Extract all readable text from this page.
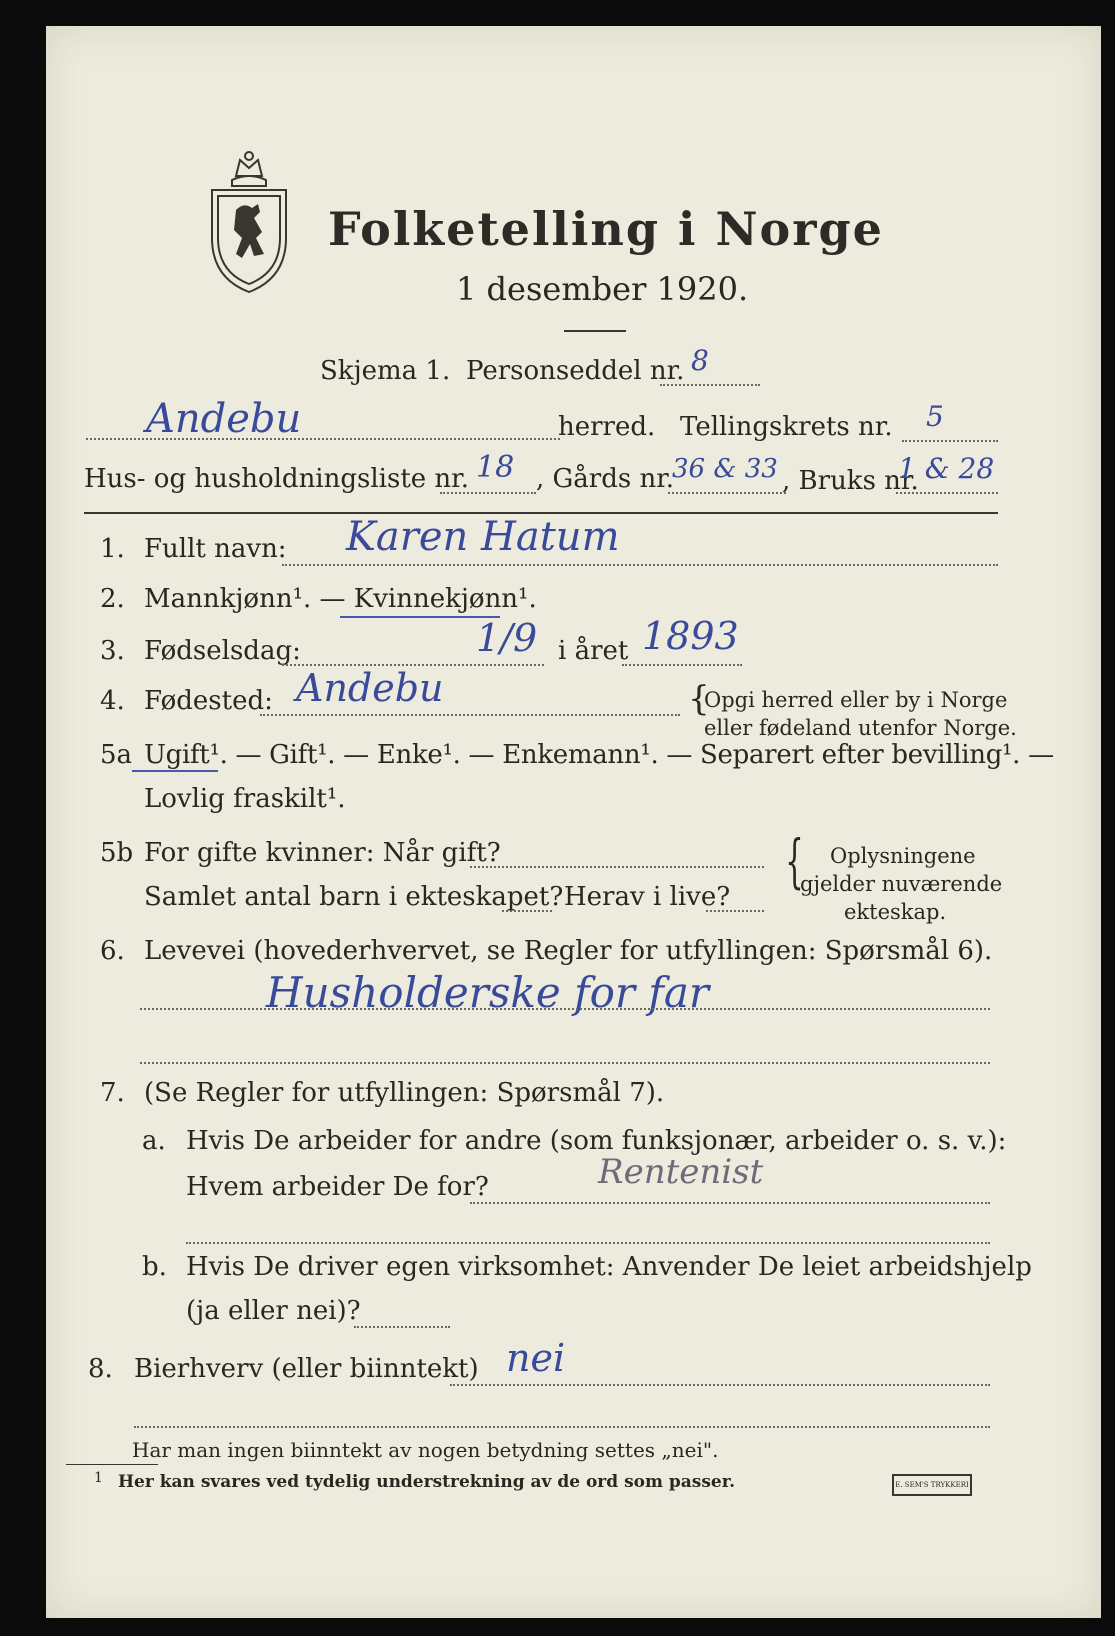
Folketelling i Norge
1 desember 1920.
Skjema 1. Personseddel nr. 8
Andebu	herred. Tellingskrets nr. 5
Hus- og husholdningsliste nr. 18 , Gårds nr.
36 & 33 , Bruks nr.
1 & 28
1. Fullt navn: Karen Hatum
2. Mannkjønn¹. — Kvinnekjønn¹.
3. Fødselsdag:	1/9 i året 1893
4. Fødested: Andebu	{
Opgi herred eller by i Norge
eller fødeland utenfor Norge.
5a Ugift¹. — Gift¹. — Enke¹. — Enkemann¹. — Separert efter bevilling¹. —
Lovlig fraskilt¹.
5b For gifte kvinner: Når gift?
Samlet antal barn i ekteskapet? Herav i live?
{ Oplysningene
gjelder nuværende
ekteskap.
6. Levevei (hovederhvervet, se Regler for utfyllingen: Spørsmål 6).
Husholderske for far
7. (Se Regler for utfyllingen: Spørsmål 7).
a. Hvis De arbeider for andre (som funksjonær, arbeider o. s. v.):
Hvem arbeider De for?	Rentenist
b. Hvis De driver egen virksomhet: Anvender De leiet arbeidshjelp
(ja eller nei)?
8. Bierhverv (eller biinntekt) nei
Har man ingen biinntekt av nogen betydning settes „nei".
1 Her kan svares ved tydelig understrekning av de ord som passer.	E. SEM'S TRYKKERI
